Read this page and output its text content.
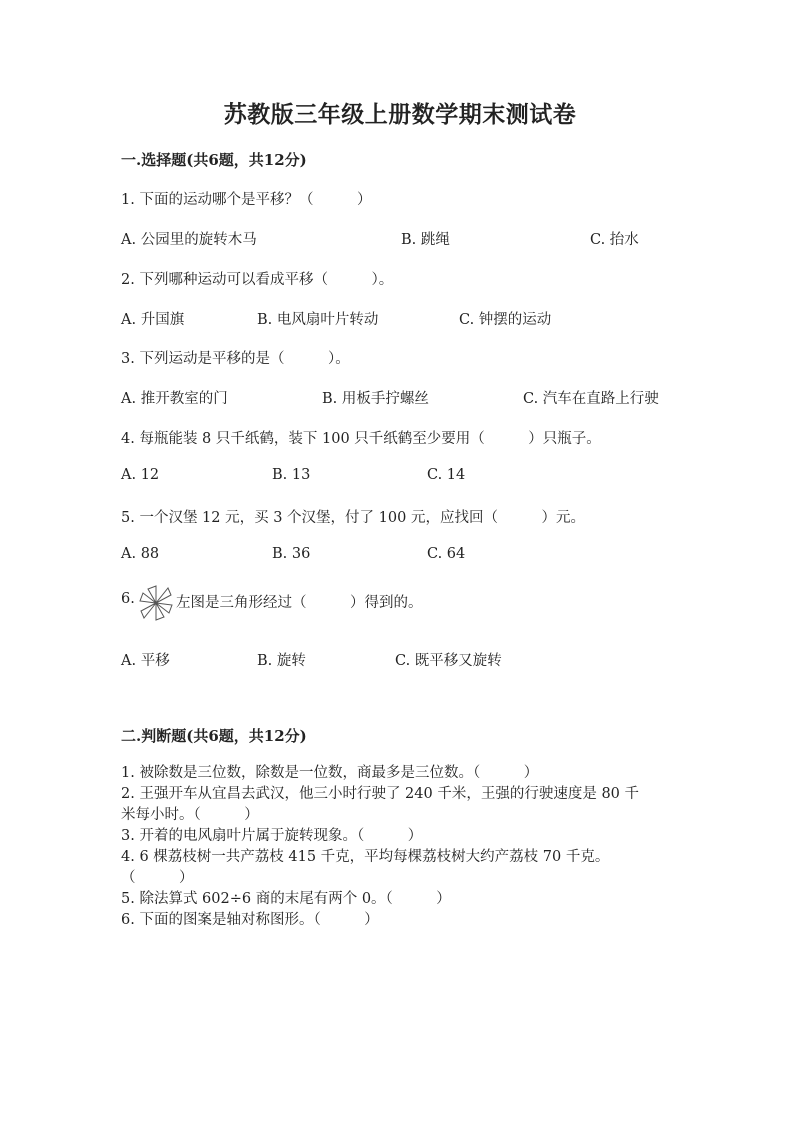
苏教版三年级上册数学期末测试卷
一.选择题(共6题，共12分)
1. 下面的运动哪个是平移？（　　　）
A. 公园里的旋转木马	B. 跳绳	C. 抬水
2. 下列哪种运动可以看成平移（　　　）。
A. 升国旗	B. 电风扇叶片转动	C. 钟摆的运动
3. 下列运动是平移的是（　　　）。
A. 推开教室的门	B. 用板手拧螺丝	C. 汽车在直路上行驶
4. 每瓶能装 8 只千纸鹤，装下 100 只千纸鹤至少要用（　　　）只瓶子。
A. 12	B. 13	C. 14
5. 一个汉堡 12 元，买 3 个汉堡，付了 100 元，应找回（　　　）元。
A. 88	B. 36	C. 64
6.	左图是三角形经过（　　　）得到的。
A. 平移	B. 旋转	C. 既平移又旋转
二.判断题(共6题，共12分)
1. 被除数是三位数，除数是一位数，商最多是三位数。（　　　）
2. 王强开车从宜昌去武汉，他三小时行驶了 240 千米，王强的行驶速度是 80 千
米每小时。（　　　）
3. 开着的电风扇叶片属于旋转现象。（　　　）
4. 6 棵荔枝树一共产荔枝 415 千克，平均每棵荔枝树大约产荔枝 70 千克。
（　　　）
5. 除法算式 602÷6 商的末尾有两个 0。（　　　）
6. 下面的图案是轴对称图形。（　　　）
